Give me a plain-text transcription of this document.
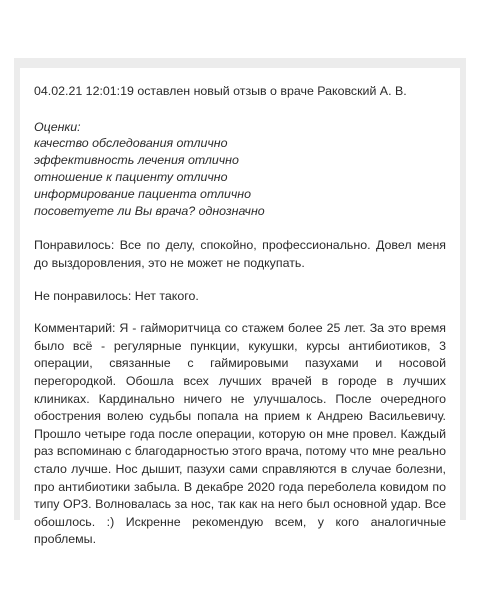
04.02.21 12:01:19 оставлен новый отзыв о враче Раковский А. В.

Оценки:
качество обследования отлично
эффективность лечения отлично
отношение к пациенту отлично
информирование пациента отлично
посоветуете ли Вы врача? однозначно

Понравилось: Все по делу, спокойно, профессионально. Довел меня до выздоровления, это не может не подкупать.

Не понравилось: Нет такого.

Комментарий: Я - гайморитчица со стажем более 25 лет. За это время было всё - регулярные пункции, кукушки, курсы антибиотиков, 3 операции, связанные с гаймировыми пазухами и носовой перегородкой. Обошла всех лучших врачей в городе в лучших клиниках. Кардинально ничего не улучшалось. После очередного обострения волею судьбы попала на прием к Андрею Васильевичу. Прошло четыре года после операции, которую он мне провел. Каждый раз вспоминаю с благодарностью этого врача, потому что мне реально стало лучше. Нос дышит, пазухи сами справляются в случае болезни, про антибиотики забыла. В декабре 2020 года переболела ковидом по типу ОРЗ. Волновалась за нос, так как на него был основной удар. Все обошлось. :) Искренне рекомендую всем, у кого аналогичные проблемы.
